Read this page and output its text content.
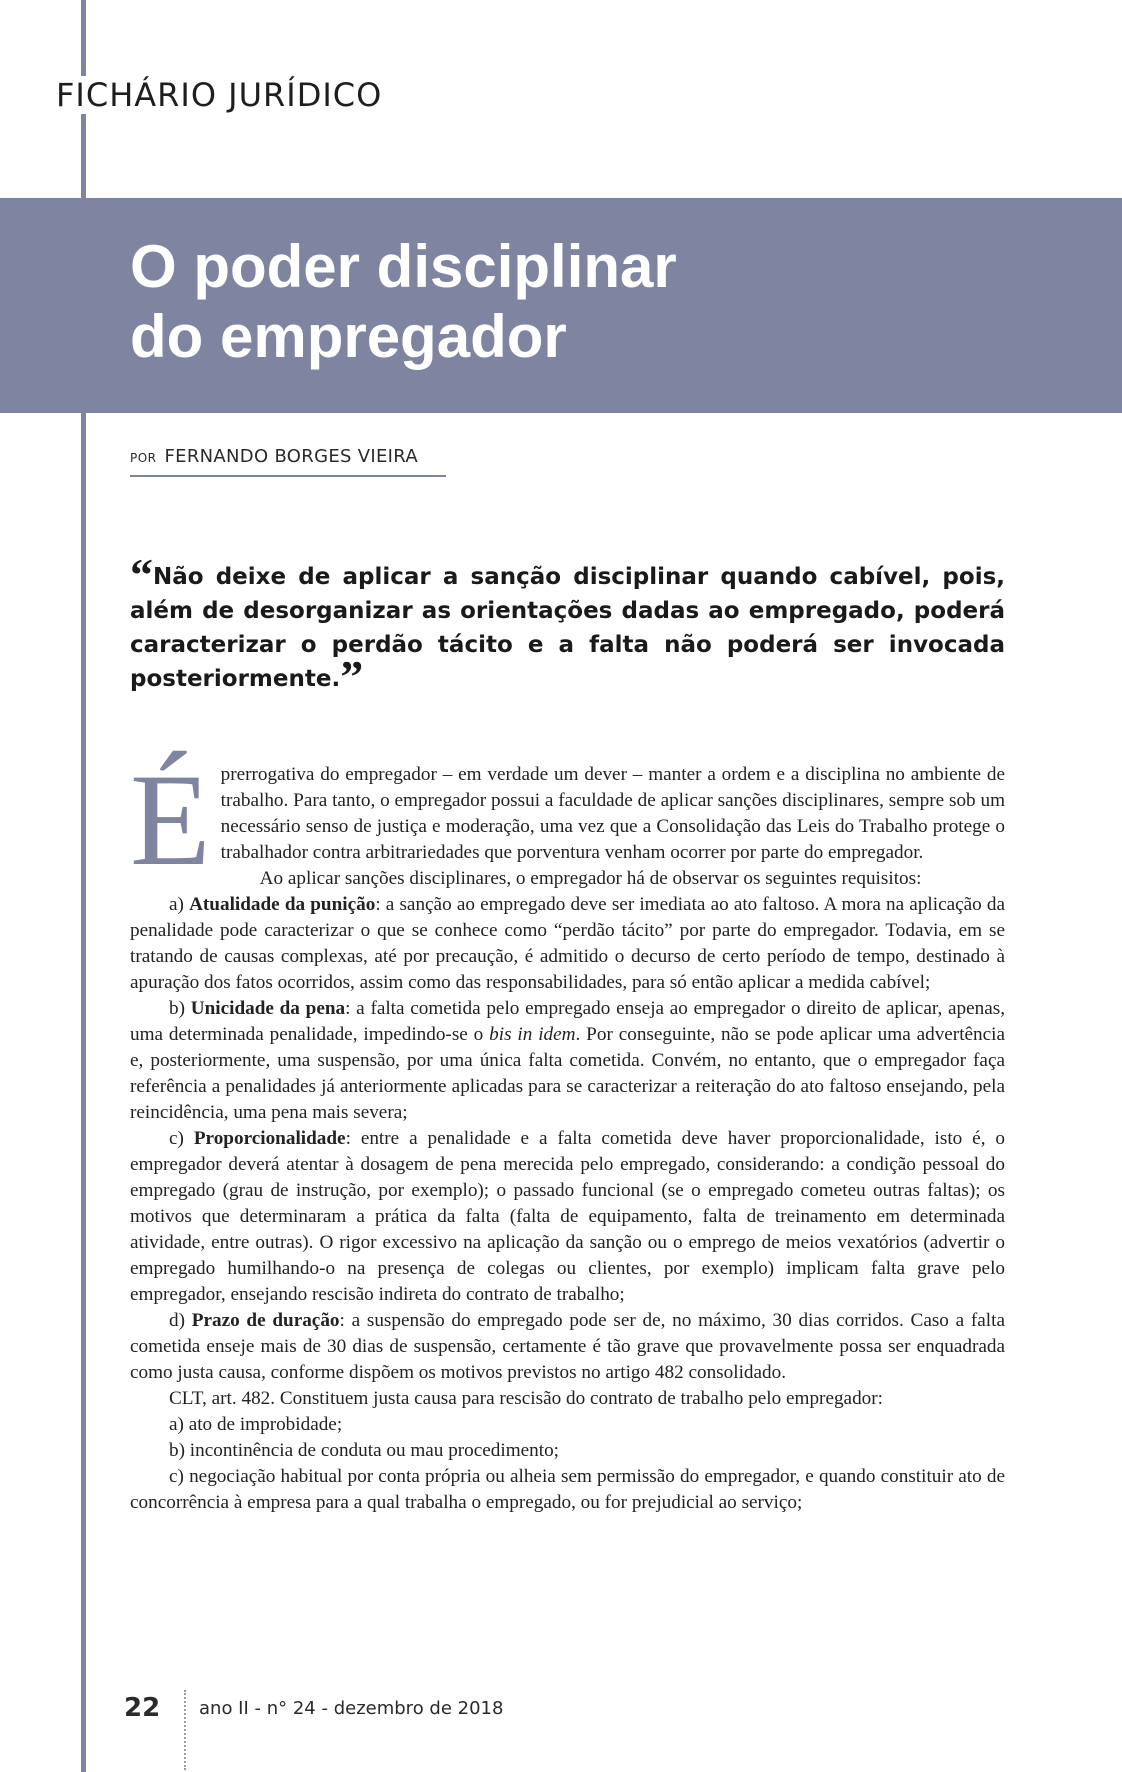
FICHÁRIO JURÍDICO
O poder disciplinar
do empregador
POR FERNANDO BORGES VIEIRA

“Não deixe de aplicar a sanção disciplinar quando cabível, pois, além de desorganizar as orientações dadas ao empregado, poderá caracterizar o perdão tácito e a falta não poderá ser invocada posteriormente.”

É prerrogativa do empregador – em verdade um dever – manter a ordem e a disciplina no ambiente de trabalho. Para tanto, o empregador possui a faculdade de aplicar sanções disciplinares, sempre sob um necessário senso de justiça e moderação, uma vez que a Consolidação das Leis do Trabalho protege o trabalhador contra arbitrariedades que porventura venham ocorrer por parte do empregador.

Ao aplicar sanções disciplinares, o empregador há de observar os seguintes requisitos:

a) Atualidade da punição: a sanção ao empregado deve ser imediata ao ato faltoso. A mora na aplicação da penalidade pode caracterizar o que se conhece como “perdão tácito” por parte do empregador. Todavia, em se tratando de causas complexas, até por precaução, é admitido o decurso de certo período de tempo, destinado à apuração dos fatos ocorridos, assim como das responsabilidades, para só então aplicar a medida cabível;

b) Unicidade da pena: a falta cometida pelo empregado enseja ao empregador o direito de aplicar, apenas, uma determinada penalidade, impedindo-se o bis in idem. Por conseguinte, não se pode aplicar uma advertência e, posteriormente, uma suspensão, por uma única falta cometida. Convém, no entanto, que o empregador faça referência a penalidades já anteriormente aplicadas para se caracterizar a reiteração do ato faltoso ensejando, pela reincidência, uma pena mais severa;

c) Proporcionalidade: entre a penalidade e a falta cometida deve haver proporcionalidade, isto é, o empregador deverá atentar à dosagem de pena merecida pelo empregado, considerando: a condição pessoal do empregado (grau de instrução, por exemplo); o passado funcional (se o empregado cometeu outras faltas); os motivos que determinaram a prática da falta (falta de equipamento, falta de treinamento em determinada atividade, entre outras). O rigor excessivo na aplicação da sanção ou o emprego de meios vexatórios (advertir o empregado humilhando-o na presença de colegas ou clientes, por exemplo) implicam falta grave pelo empregador, ensejando rescisão indireta do contrato de trabalho;

d) Prazo de duração: a suspensão do empregado pode ser de, no máximo, 30 dias corridos. Caso a falta cometida enseje mais de 30 dias de suspensão, certamente é tão grave que provavelmente possa ser enquadrada como justa causa, conforme dispõem os motivos previstos no artigo 482 consolidado.

CLT, art. 482. Constituem justa causa para rescisão do contrato de trabalho pelo empregador:

a) ato de improbidade;

b) incontinência de conduta ou mau procedimento;

c) negociação habitual por conta própria ou alheia sem permissão do empregador, e quando constituir ato de concorrência à empresa para a qual trabalha o empregado, ou for prejudicial ao serviço;

22 ano II - n° 24 - dezembro de 2018
